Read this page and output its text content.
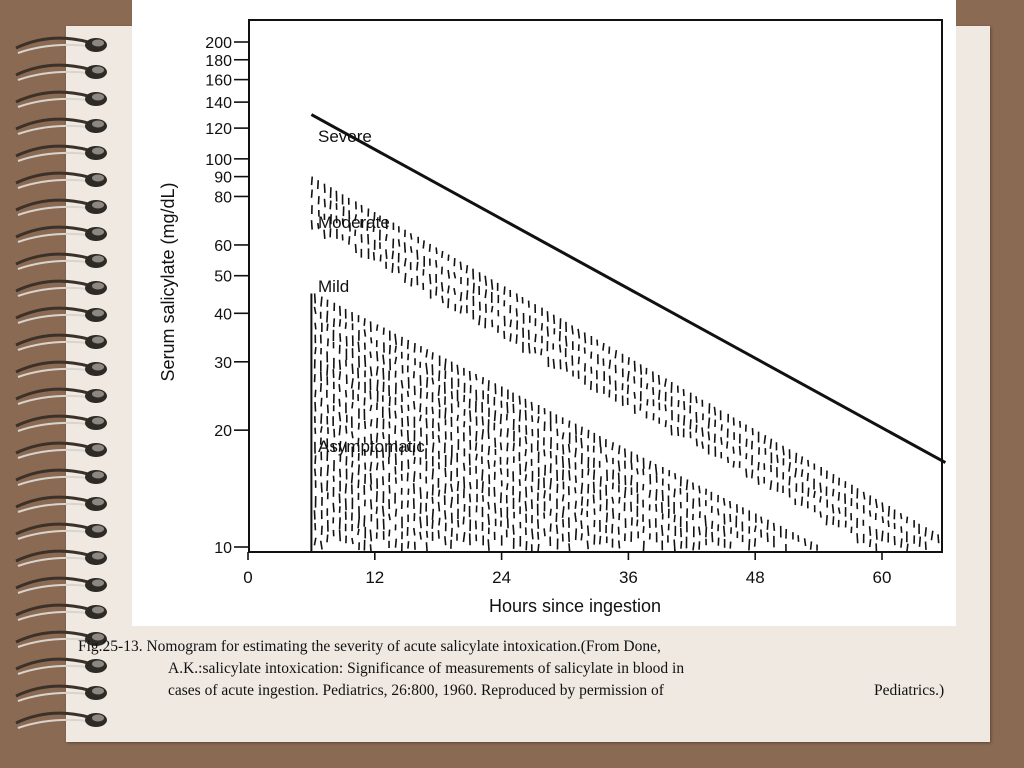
10
20
30
40
50
60
80
90
100
120
140
160
180
200
0	12	24	36	48	60
Severe
Moderate
Mild
Asymptomatic
Hours since ingestion
Serum salicylate (mg/dL)
Fig.25-13. Nomogram for estimating the severity of acute salicylate intoxication.(From Done,
A.K.:salicylate intoxication: Significance of measurements of salicylate in blood in
cases of acute ingestion. Pediatrics, 26:800, 1960. Reproduced by permission of	Pediatrics.)
